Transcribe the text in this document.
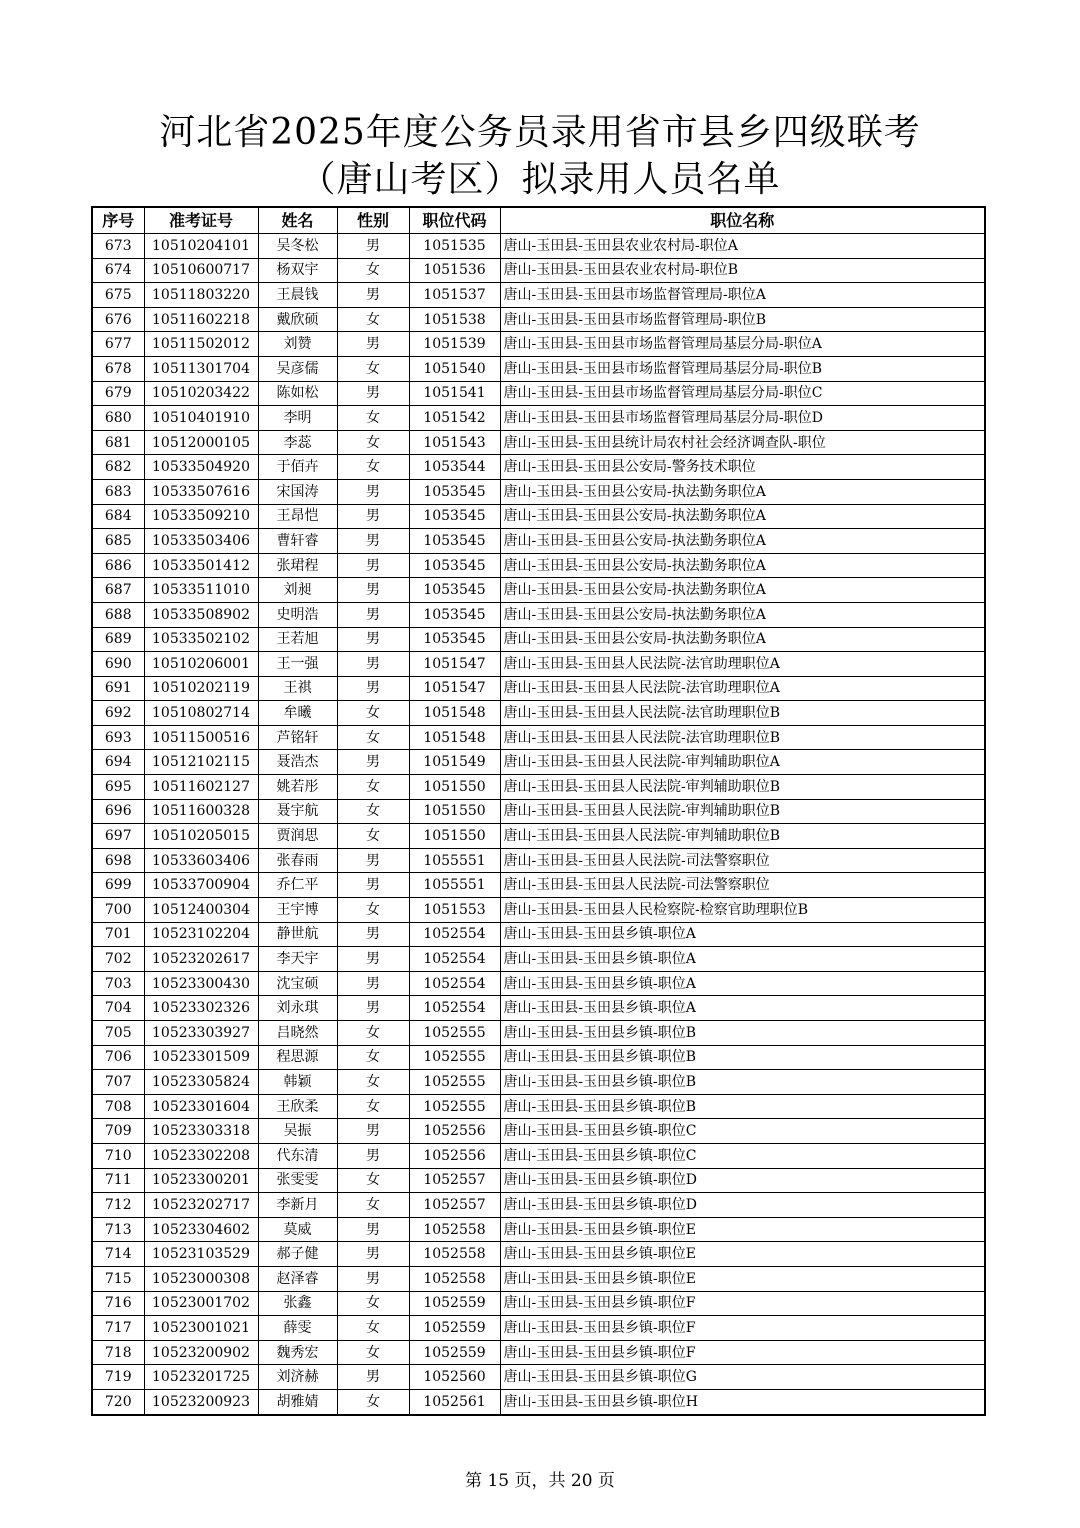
河北省2025年度公务员录用省市县乡四级联考
（唐山考区）拟录用人员名单
序号	准考证号	姓名	性别	职位代码	职位名称
673	10510204101	吴冬松	男	1051535	唐山-玉田县-玉田县农业农村局-职位A
674	10510600717	杨双宇	女	1051536	唐山-玉田县-玉田县农业农村局-职位B
675	10511803220	王晨钱	男	1051537	唐山-玉田县-玉田县市场监督管理局-职位A
676	10511602218	戴欣硕	女	1051538	唐山-玉田县-玉田县市场监督管理局-职位B
677	10511502012	刘赞	男	1051539	唐山-玉田县-玉田县市场监督管理局基层分局-职位A
678	10511301704	吴彦儒	女	1051540	唐山-玉田县-玉田县市场监督管理局基层分局-职位B
679	10510203422	陈如松	男	1051541	唐山-玉田县-玉田县市场监督管理局基层分局-职位C
680	10510401910	李明	女	1051542	唐山-玉田县-玉田县市场监督管理局基层分局-职位D
681	10512000105	李蕊	女	1051543	唐山-玉田县-玉田县统计局农村社会经济调查队-职位
682	10533504920	于佰卉	女	1053544	唐山-玉田县-玉田县公安局-警务技术职位
683	10533507616	宋国涛	男	1053545	唐山-玉田县-玉田县公安局-执法勤务职位A
684	10533509210	王昂恺	男	1053545	唐山-玉田县-玉田县公安局-执法勤务职位A
685	10533503406	曹轩睿	男	1053545	唐山-玉田县-玉田县公安局-执法勤务职位A
686	10533501412	张珺程	男	1053545	唐山-玉田县-玉田县公安局-执法勤务职位A
687	10533511010	刘昶	男	1053545	唐山-玉田县-玉田县公安局-执法勤务职位A
688	10533508902	史明浩	男	1053545	唐山-玉田县-玉田县公安局-执法勤务职位A
689	10533502102	王若旭	男	1053545	唐山-玉田县-玉田县公安局-执法勤务职位A
690	10510206001	王一强	男	1051547	唐山-玉田县-玉田县人民法院-法官助理职位A
691	10510202119	王祺	男	1051547	唐山-玉田县-玉田县人民法院-法官助理职位A
692	10510802714	牟曦	女	1051548	唐山-玉田县-玉田县人民法院-法官助理职位B
693	10511500516	芦铭轩	女	1051548	唐山-玉田县-玉田县人民法院-法官助理职位B
694	10512102115	聂浩杰	男	1051549	唐山-玉田县-玉田县人民法院-审判辅助职位A
695	10511602127	姚若彤	女	1051550	唐山-玉田县-玉田县人民法院-审判辅助职位B
696	10511600328	聂宇航	女	1051550	唐山-玉田县-玉田县人民法院-审判辅助职位B
697	10510205015	贾润思	女	1051550	唐山-玉田县-玉田县人民法院-审判辅助职位B
698	10533603406	张春雨	男	1055551	唐山-玉田县-玉田县人民法院-司法警察职位
699	10533700904	乔仁平	男	1055551	唐山-玉田县-玉田县人民法院-司法警察职位
700	10512400304	王宇博	女	1051553	唐山-玉田县-玉田县人民检察院-检察官助理职位B
701	10523102204	静世航	男	1052554	唐山-玉田县-玉田县乡镇-职位A
702	10523202617	李天宇	男	1052554	唐山-玉田县-玉田县乡镇-职位A
703	10523300430	沈宝硕	男	1052554	唐山-玉田县-玉田县乡镇-职位A
704	10523302326	刘永琪	男	1052554	唐山-玉田县-玉田县乡镇-职位A
705	10523303927	吕晓然	女	1052555	唐山-玉田县-玉田县乡镇-职位B
706	10523301509	程思源	女	1052555	唐山-玉田县-玉田县乡镇-职位B
707	10523305824	韩颖	女	1052555	唐山-玉田县-玉田县乡镇-职位B
708	10523301604	王欣柔	女	1052555	唐山-玉田县-玉田县乡镇-职位B
709	10523303318	吴振	男	1052556	唐山-玉田县-玉田县乡镇-职位C
710	10523302208	代东清	男	1052556	唐山-玉田县-玉田县乡镇-职位C
711	10523300201	张雯雯	女	1052557	唐山-玉田县-玉田县乡镇-职位D
712	10523202717	李新月	女	1052557	唐山-玉田县-玉田县乡镇-职位D
713	10523304602	莫威	男	1052558	唐山-玉田县-玉田县乡镇-职位E
714	10523103529	郝子健	男	1052558	唐山-玉田县-玉田县乡镇-职位E
715	10523000308	赵泽睿	男	1052558	唐山-玉田县-玉田县乡镇-职位E
716	10523001702	张鑫	女	1052559	唐山-玉田县-玉田县乡镇-职位F
717	10523001021	薛雯	女	1052559	唐山-玉田县-玉田县乡镇-职位F
718	10523200902	魏秀宏	女	1052559	唐山-玉田县-玉田县乡镇-职位F
719	10523201725	刘济赫	男	1052560	唐山-玉田县-玉田县乡镇-职位G
720	10523200923	胡雅婧	女	1052561	唐山-玉田县-玉田县乡镇-职位H
第 15 页，共 20 页
